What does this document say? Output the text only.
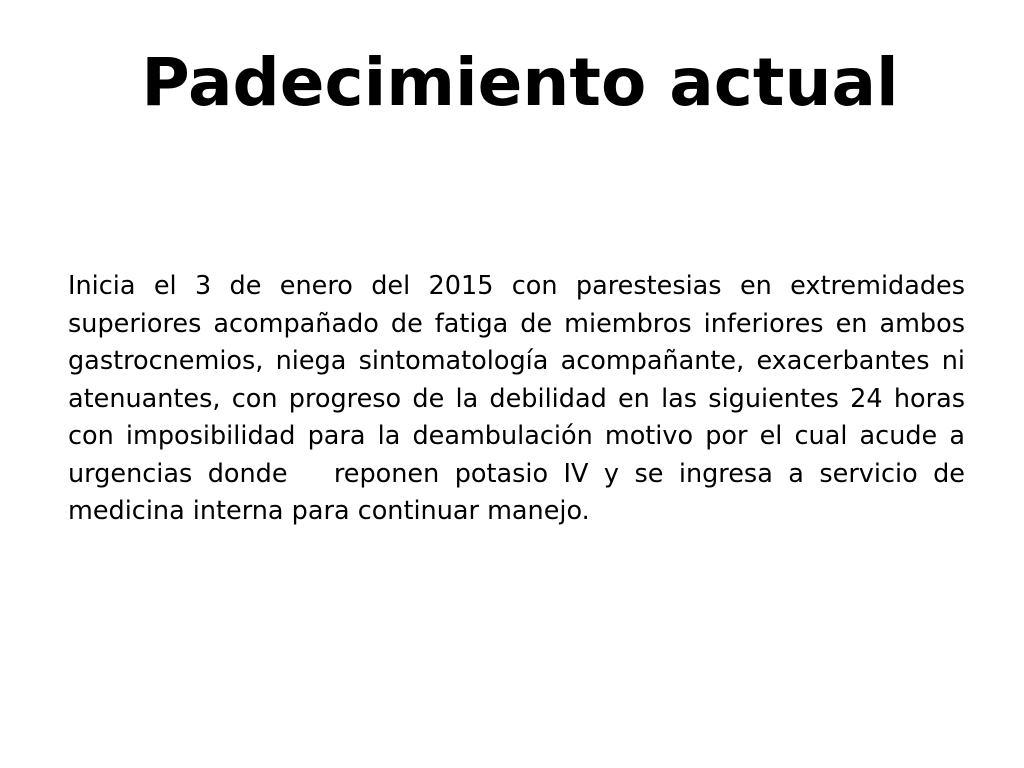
Padecimiento actual

Inicia el 3 de enero del 2015 con parestesias en extremidades superiores acompañado de fatiga de miembros inferiores en ambos gastrocnemios, niega sintomatología acompañante, exacerbantes ni atenuantes, con progreso de la debilidad en las siguientes 24 horas  con imposibilidad para la deambulación motivo por el cual acude a urgencias donde   reponen potasio IV y se ingresa a servicio de medicina interna para continuar manejo.
